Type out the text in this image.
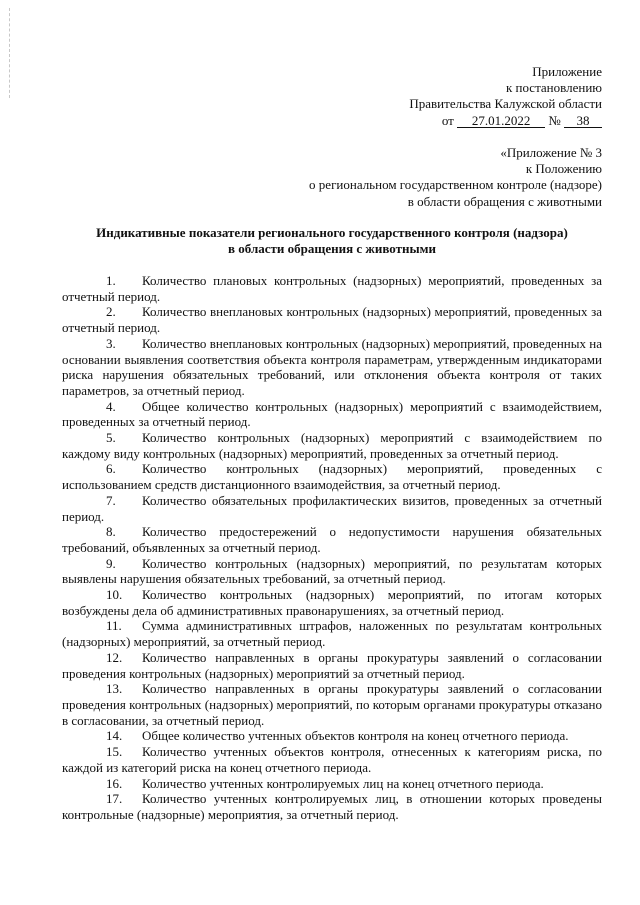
Приложение
к постановлению
Правительства Калужской области
от 27.01.2022 № 38
«Приложение № 3
к Положению
о региональном государственном контроле (надзоре)
в области обращения с животными
Индикативные показатели регионального государственного контроля (надзора)
в области обращения с животными

1. Количество плановых контрольных (надзорных) мероприятий, проведенных за отчетный период.

2. Количество внеплановых контрольных (надзорных) мероприятий, проведенных за отчетный период.

3. Количество внеплановых контрольных (надзорных) мероприятий, проведенных на основании выявления соответствия объекта контроля параметрам, утвержденным индикаторами риска нарушения обязательных требований, или отклонения объекта контроля от таких параметров, за отчетный период.

4. Общее количество контрольных (надзорных) мероприятий с взаимодействием, проведенных за отчетный период.

5. Количество контрольных (надзорных) мероприятий с взаимодействием по каждому виду контрольных (надзорных) мероприятий, проведенных за отчетный период.

6. Количество контрольных (надзорных) мероприятий, проведенных с использованием средств дистанционного взаимодействия, за отчетный период.

7. Количество обязательных профилактических визитов, проведенных за отчетный период.

8. Количество предостережений о недопустимости нарушения обязательных требований, объявленных за отчетный период.

9. Количество контрольных (надзорных) мероприятий, по результатам которых выявлены нарушения обязательных требований, за отчетный период.

10. Количество контрольных (надзорных) мероприятий, по итогам которых возбуждены дела об административных правонарушениях, за отчетный период.

11. Сумма административных штрафов, наложенных по результатам контрольных (надзорных) мероприятий, за отчетный период.

12. Количество направленных в органы прокуратуры заявлений о согласовании проведения контрольных (надзорных) мероприятий за отчетный период.

13. Количество направленных в органы прокуратуры заявлений о согласовании проведения контрольных (надзорных) мероприятий, по которым органами прокуратуры отказано в согласовании, за отчетный период.

14. Общее количество учтенных объектов контроля на конец отчетного периода.

15. Количество учтенных объектов контроля, отнесенных к категориям риска, по каждой из категорий риска на конец отчетного периода.

16. Количество учтенных контролируемых лиц на конец отчетного периода.

17. Количество учтенных контролируемых лиц, в отношении которых проведены контрольные (надзорные) мероприятия, за отчетный период.
